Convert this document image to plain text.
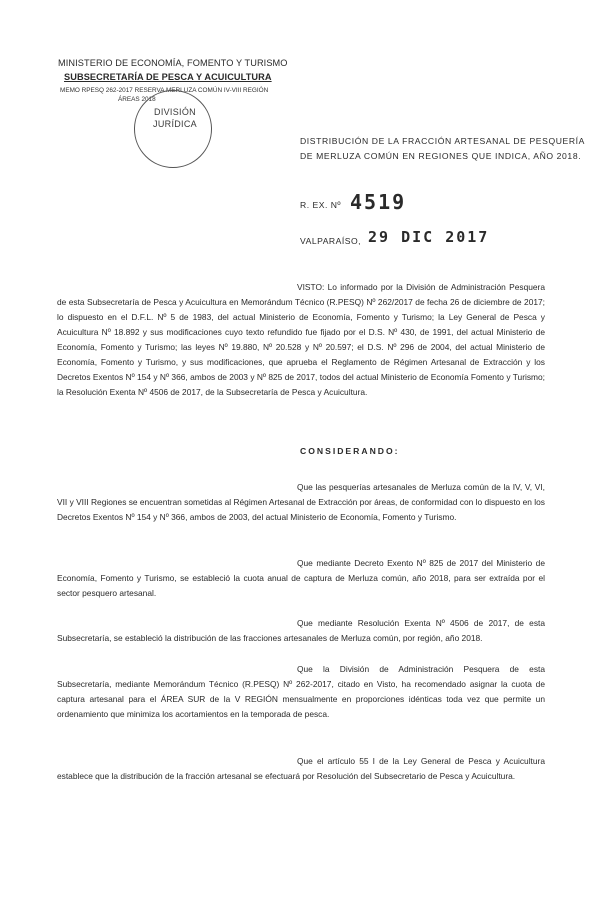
MINISTERIO DE ECONOMÍA, FOMENTO Y TURISMO
SUBSECRETARÍA DE PESCA Y ACUICULTURA
MEMO RPESQ 262-2017 RESERVA MERLUZA COMÚN IV-VIII REGIÓN
ÁREAS 2018
DIVISIÓN
JURÍDICA
DISTRIBUCIÓN DE LA FRACCIÓN ARTESANAL DE PESQUERÍA DE MERLUZA COMÚN EN REGIONES QUE INDICA, AÑO 2018.
R. EX. Nº 4519
VALPARAÍSO, 29 DIC 2017
VISTO: Lo informado por la División de Administración Pesquera de esta Subsecretaría de Pesca y Acuicultura en Memorándum Técnico (R.PESQ) Nº 262/2017 de fecha 26 de diciembre de 2017; lo dispuesto en el D.F.L. Nº 5 de 1983, del actual Ministerio de Economía, Fomento y Turismo; la Ley General de Pesca y Acuicultura Nº 18.892 y sus modificaciones cuyo texto refundido fue fijado por el D.S. Nº 430, de 1991, del actual Ministerio de Economía, Fomento y Turismo; las leyes Nº 19.880, Nº 20.528 y Nº 20.597; el D.S. Nº 296 de 2004, del actual Ministerio de Economía, Fomento y Turismo, y sus modificaciones, que aprueba el Reglamento de Régimen Artesanal de Extracción y los Decretos Exentos Nº 154 y Nº 366, ambos de 2003 y Nº 825 de 2017, todos del actual Ministerio de Economía Fomento y Turismo; la Resolución Exenta Nº 4506 de 2017, de la Subsecretaría de Pesca y Acuicultura.
CONSIDERANDO:
Que las pesquerías artesanales de Merluza común de la IV, V, VI, VII y VIII Regiones se encuentran sometidas al Régimen Artesanal de Extracción por áreas, de conformidad con lo dispuesto en los Decretos Exentos Nº 154 y Nº 366, ambos de 2003, del actual Ministerio de Economía, Fomento y Turismo.
Que mediante Decreto Exento Nº 825 de 2017 del Ministerio de Economía, Fomento y Turismo, se estableció la cuota anual de captura de Merluza común, año 2018, para ser extraída por el sector pesquero artesanal.
Que mediante Resolución Exenta Nº 4506 de 2017, de esta Subsecretaría, se estableció la distribución de las fracciones artesanales de Merluza común, por región, año 2018.
Que la División de Administración Pesquera de esta Subsecretaría, mediante Memorándum Técnico (R.PESQ) Nº 262-2017, citado en Visto, ha recomendado asignar la cuota de captura artesanal para el ÁREA SUR de la V REGIÓN mensualmente en proporciones idénticas toda vez que permite un ordenamiento que minimiza los acortamientos en la temporada de pesca.
Que el artículo 55 I de la Ley General de Pesca y Acuicultura establece que la distribución de la fracción artesanal se efectuará por Resolución del Subsecretario de Pesca y Acuicultura.
